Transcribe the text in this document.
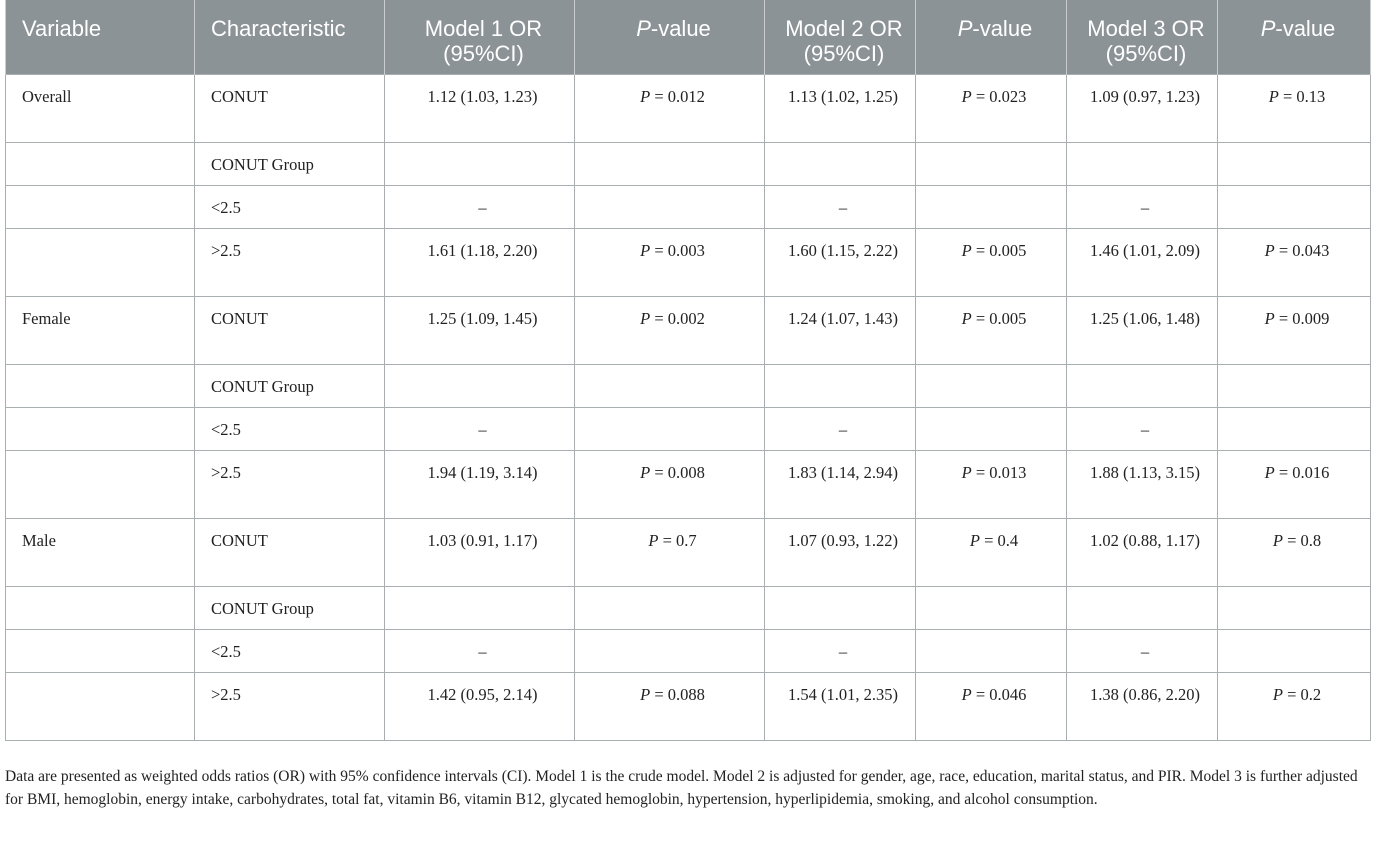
Variable	Characteristic	Model 1 OR (95%CI)	P-value	Model 2 OR (95%CI)	P-value	Model 3 OR (95%CI)	P-value
Overall	CONUT	1.12 (1.03, 1.23)	P = 0.012	1.13 (1.02, 1.25)	P = 0.023	1.09 (0.97, 1.23)	P = 0.13
	CONUT Group						
	<2.5	–		–		–	
	>2.5	1.61 (1.18, 2.20)	P = 0.003	1.60 (1.15, 2.22)	P = 0.005	1.46 (1.01, 2.09)	P = 0.043
Female	CONUT	1.25 (1.09, 1.45)	P = 0.002	1.24 (1.07, 1.43)	P = 0.005	1.25 (1.06, 1.48)	P = 0.009
	CONUT Group						
	<2.5	–		–		–	
	>2.5	1.94 (1.19, 3.14)	P = 0.008	1.83 (1.14, 2.94)	P = 0.013	1.88 (1.13, 3.15)	P = 0.016
Male	CONUT	1.03 (0.91, 1.17)	P = 0.7	1.07 (0.93, 1.22)	P = 0.4	1.02 (0.88, 1.17)	P = 0.8
	CONUT Group						
	<2.5	–		–		–	
	>2.5	1.42 (0.95, 2.14)	P = 0.088	1.54 (1.01, 2.35)	P = 0.046	1.38 (0.86, 2.20)	P = 0.2
Data are presented as weighted odds ratios (OR) with 95% confidence intervals (CI). Model 1 is the crude model. Model 2 is adjusted for gender, age, race, education, marital status, and PIR. Model 3 is further adjusted for BMI, hemoglobin, energy intake, carbohydrates, total fat, vitamin B6, vitamin B12, glycated hemoglobin, hypertension, hyperlipidemia, smoking, and alcohol consumption.
